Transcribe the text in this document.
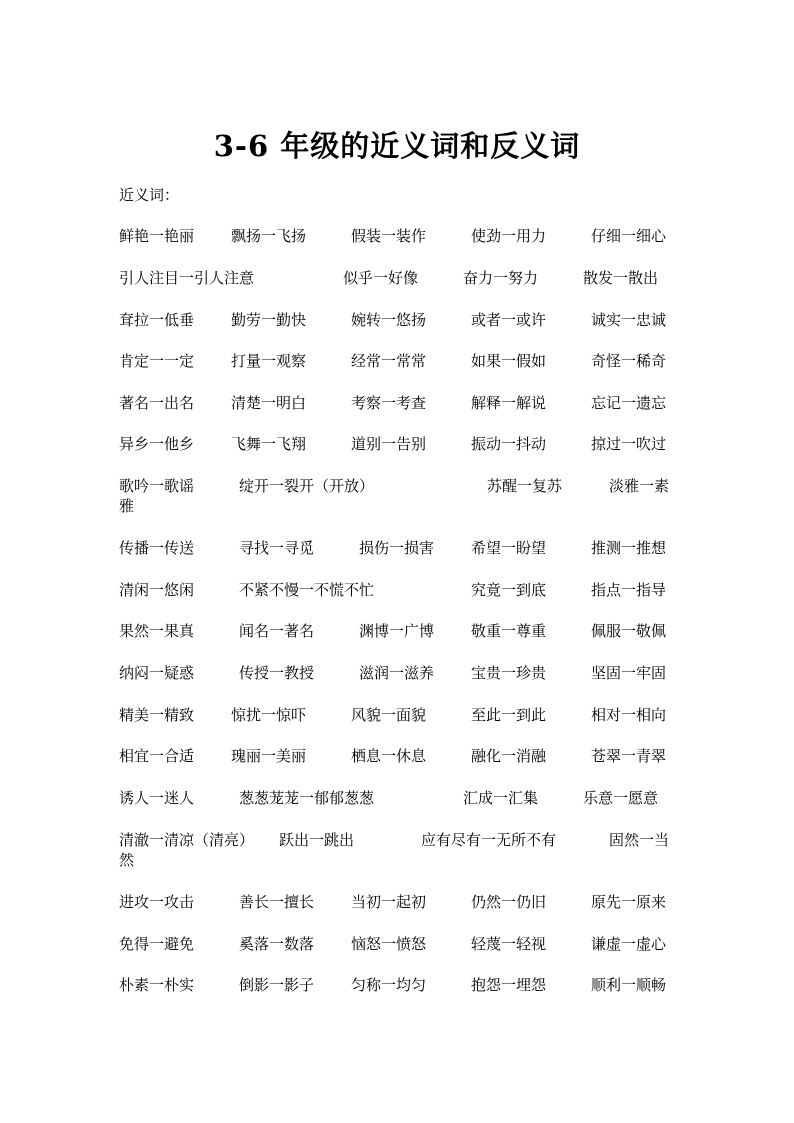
3-6 年级的近义词和反义词
近义词：
鲜艳一艳丽 飘扬一飞扬	假装一装作	使劲一用力	仔细一细心
引人注目一引人注意	似乎一好像	奋力一努力	散发一散出
耷拉一低垂 勤劳一勤快	婉转一悠扬	或者一或许	诚实一忠诚
肯定一一定 打量一观察	经常一常常	如果一假如	奇怪一稀奇
著名一出名 清楚一明白	考察一考查	解释一解说	忘记一遗忘
异乡一他乡 飞舞一飞翔	道别一告别	振动一抖动	掠过一吹过
歌吟一歌谣	绽开一裂开（开放）	苏醒一复苏	淡雅一素
雅
传播一传送	寻找一寻觅	损伤一损害 希望一盼望	推测一推想
清闲一悠闲	不紧不慢一不慌不忙	究竟一到底	指点一指导
果然一果真	闻名一著名	渊博一广博 敬重一尊重	佩服一敬佩
纳闷一疑惑	传授一教授	滋润一滋养 宝贵一珍贵	坚固一牢固
精美一精致 惊扰一惊吓	风貌一面貌	至此一到此	相对一相向
相宜一合适 瑰丽一美丽	栖息一休息	融化一消融	苍翠一青翠
诱人一迷人	葱葱茏茏一郁郁葱葱	汇成一汇集	乐意一愿意
清澈一清凉（清亮） 跃出一跳出	应有尽有一无所不有	固然一当
然
进攻一攻击	善长一擅长 当初一起初	仍然一仍旧	原先一原来
免得一避免	奚落一数落 恼怒一愤怒	轻蔑一轻视	谦虚一虚心
朴素一朴实	倒影一影子 匀称一均匀	抱怨一埋怨	顺利一顺畅
